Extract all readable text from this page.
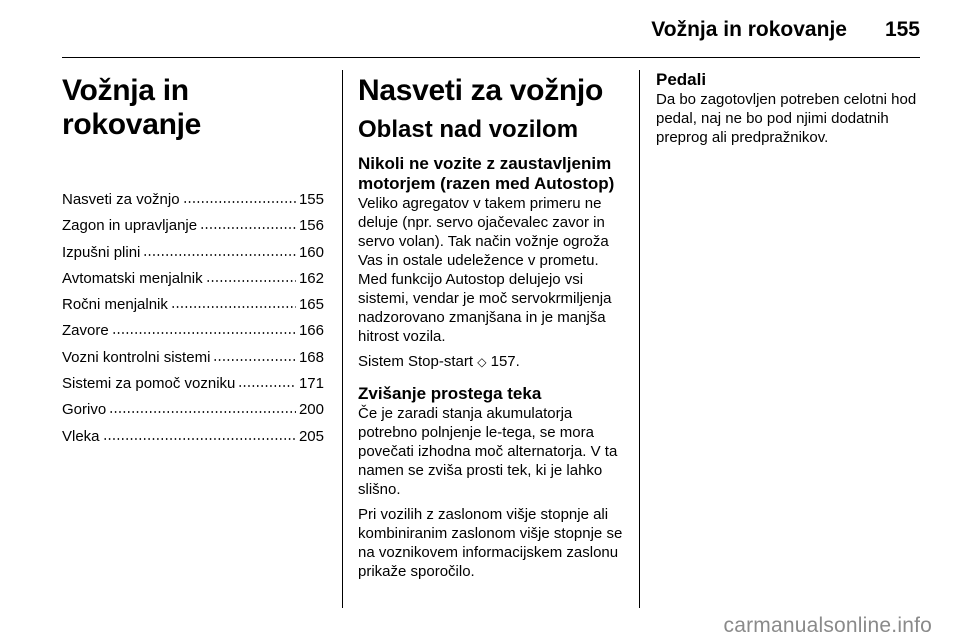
Vožnja in rokovanje 155
Vožnja in rokovanje
Nasveti za vožnjo	155
Zagon in upravljanje	156
Izpušni plini	160
Avtomatski menjalnik	162
Ročni menjalnik	165
Zavore	166
Vozni kontrolni sistemi	168
Sistemi za pomoč vozniku	171
Gorivo	200
Vleka	205
Nasveti za vožnjo
Oblast nad vozilom
Nikoli ne vozite z zaustavljenim motorjem (razen med Autostop)

Veliko agregatov v takem primeru ne deluje (npr. servo ojačevalec zavor in servo volan). Tak način vožnje ogroža Vas in ostale udeležence v prometu. Med funkcijo Autostop delujejo vsi sistemi, vendar je moč servokrmiljenja nadzorovano zmanjšana in je manjša hitrost vozila.

Sistem Stop-start ◇ 157.

Zvišanje prostega teka

Če je zaradi stanja akumulatorja potrebno polnjenje le-tega, se mora povečati izhodna moč alternatorja. V ta namen se zviša prosti tek, ki je lahko slišno.

Pri vozilih z zaslonom višje stopnje ali kombiniranim zaslonom višje stopnje se na voznikovem informacijskem zaslonu prikaže sporočilo.

Pedali

Da bo zagotovljen potreben celotni hod pedal, naj ne bo pod njimi dodatnih preprog ali predpražnikov.

carmanualsonline.info
